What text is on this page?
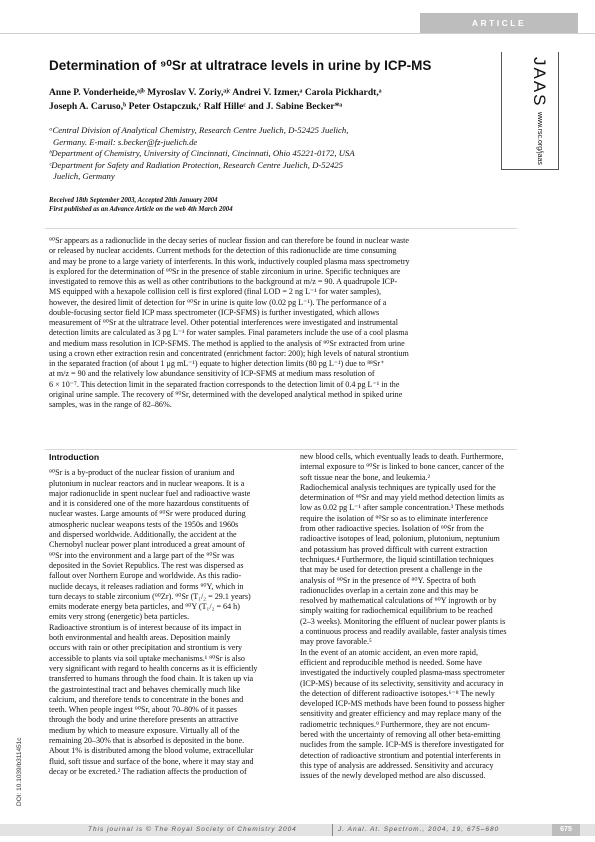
ARTICLE
JAAS www.rsc.org/jaas
Determination of ⁹⁰Sr at ultratrace levels in urine by ICP-MS
Anne P. Vonderheide,ᵃʲᵇ Myroslav V. Zoriy,ᵃʲᶜ Andrei V. Izmer,ᵃ Carola Pickhardt,ᵃ
Joseph A. Caruso,ᵇ Peter Ostapczuk,ᶜ Ralf Hilleᶜ and J. Sabine Becker*ᵃ
ᵃCentral Division of Analytical Chemistry, Research Centre Juelich, D-52425 Juelich,
Germany. E-mail: s.becker@fz-juelich.de
ᵇDepartment of Chemistry, University of Cincinnati, Cincinnati, Ohio 45221-0172, USA
ᶜDepartment for Safety and Radiation Protection, Research Centre Juelich, D-52425
Juelich, Germany
Received 18th September 2003, Accepted 20th January 2004
First published as an Advance Article on the web 4th March 2004
⁹⁰Sr appears as a radionuclide in the decay series of nuclear fission and can therefore be found in nuclear waste
or released by nuclear accidents. Current methods for the detection of this radionuclide are time consuming
and may be prone to a large variety of interferents. In this work, inductively coupled plasma mass spectrometry
is explored for the determination of ⁹⁰Sr in the presence of stable zirconium in urine. Specific techniques are
investigated to remove this as well as other contributions to the background at m/z = 90. A quadrupole ICP-
MS equipped with a hexapole collision cell is first explored (final LOD = 2 ng L⁻¹ for water samples),
however, the desired limit of detection for ⁹⁰Sr in urine is quite low (0.02 pg L⁻¹). The performance of a
double-focusing sector field ICP mass spectrometer (ICP-SFMS) is further investigated, which allows
measurement of ⁹⁰Sr at the ultratrace level. Other potential interferences were investigated and instrumental
detection limits are calculated as 3 pg L⁻¹ for water samples. Final parameters include the use of a cool plasma
and medium mass resolution in ICP-SFMS. The method is applied to the analysis of ⁹⁰Sr extracted from urine
using a crown ether extraction resin and concentrated (enrichment factor: 200); high levels of natural strontium
in the separated fraction (of about 1 μg mL⁻¹) equate to higher detection limits (80 pg L⁻¹) due to ⁸⁸Sr⁺
at m/z = 90 and the relatively low abundance sensitivity of ICP-SFMS at medium mass resolution of
6 × 10⁻⁷. This detection limit in the separated fraction corresponds to the detection limit of 0.4 pg L⁻¹ in the
original urine sample. The recovery of ⁹⁰Sr, determined with the developed analytical method in spiked urine
samples, was in the range of 82–86%.
Introduction
⁹⁰Sr is a by-product of the nuclear fission of uranium and
plutonium in nuclear reactors and in nuclear weapons. It is a
major radionuclide in spent nuclear fuel and radioactive waste
and it is considered one of the more hazardous constituents of
nuclear wastes. Large amounts of ⁹⁰Sr were produced during
atmospheric nuclear weapons tests of the 1950s and 1960s
and dispersed worldwide. Additionally, the accident at the
Chernobyl nuclear power plant introduced a great amount of
⁹⁰Sr into the environment and a large part of the ⁹⁰Sr was
deposited in the Soviet Republics. The rest was dispersed as
fallout over Northern Europe and worldwide. As this radio-
nuclide decays, it releases radiation and forms ⁹⁰Y, which in
turn decays to stable zirconium (⁹⁰Zr). ⁹⁰Sr (T₁/₂ = 29.1 years)
emits moderate energy beta particles, and ⁹⁰Y (T₁/₂ = 64 h)
emits very strong (energetic) beta particles.
Radioactive strontium is of interest because of its impact in
both environmental and health areas. Deposition mainly
occurs with rain or other precipitation and strontium is very
accessible to plants via soil uptake mechanisms.¹ ⁹⁰Sr is also
very significant with regard to health concerns as it is efficiently
transferred to humans through the food chain. It is taken up via
the gastrointestinal tract and behaves chemically much like
calcium, and therefore tends to concentrate in the bones and
teeth. When people ingest ⁹⁰Sr, about 70–80% of it passes
through the body and urine therefore presents an attractive
medium by which to measure exposure. Virtually all of the
remaining 20–30% that is absorbed is deposited in the bone.
About 1% is distributed among the blood volume, extracellular
fluid, soft tissue and surface of the bone, where it may stay and
decay or be excreted.² The radiation affects the production of
new blood cells, which eventually leads to death. Furthermore,
internal exposure to ⁹⁰Sr is linked to bone cancer, cancer of the
soft tissue near the bone, and leukemia.²
Radiochemical analysis techniques are typically used for the
determination of ⁹⁰Sr and may yield method detection limits as
low as 0.02 pg L⁻¹ after sample concentration.³ These methods
require the isolation of ⁹⁰Sr so as to eliminate interference
from other radioactive species. Isolation of ⁹⁰Sr from the
radioactive isotopes of lead, polonium, plutonium, neptunium
and potassium has proved difficult with current extraction
techniques.⁴ Furthermore, the liquid scintillation techniques
that may be used for detection present a challenge in the
analysis of ⁹⁰Sr in the presence of ⁹⁰Y. Spectra of both
radionuclides overlap in a certain zone and this may be
resolved by mathematical calculations of ⁹⁰Y ingrowth or by
simply waiting for radiochemical equilibrium to be reached
(2–3 weeks). Monitoring the effluent of nuclear power plants is
a continuous process and readily available, faster analysis times
may prove favorable.⁵
In the event of an atomic accident, an even more rapid,
efficient and reproducible method is needed. Some have
investigated the inductively coupled plasma-mass spectrometer
(ICP-MS) because of its selectivity, sensitivity and accuracy in
the detection of different radioactive isotopes.⁶⁻⁸ The newly
developed ICP-MS methods have been found to possess higher
sensitivity and greater efficiency and may replace many of the
radiometric techniques.⁹ Furthermore, they are not encum-
bered with the uncertainty of removing all other beta-emitting
nuclides from the sample. ICP-MS is therefore investigated for
detection of radioactive strontium and potential interferents in
this type of analysis are addressed. Sensitivity and accuracy
issues of the newly developed method are also discussed.
DOI: 10.1039/b311451c
This journal is © The Royal Society of Chemistry 2004	J. Anal. At. Spectrom., 2004, 19, 675–680	675
